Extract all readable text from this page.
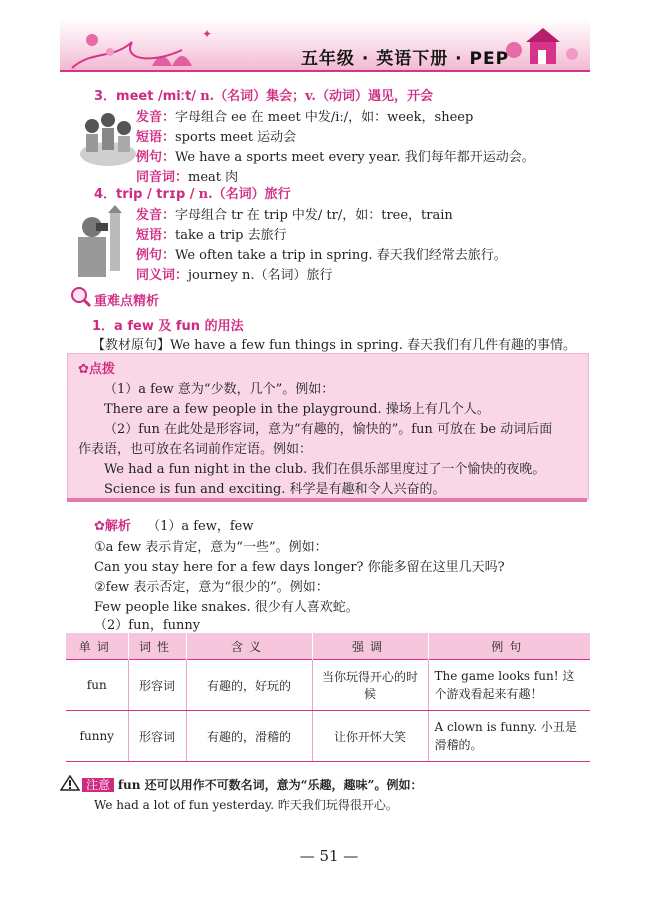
✦
五年级 · 英语下册 · PEP
3．meet /miːt/ n.（名词）集会；v.（动词）遇见，开会
发音：字母组合 ee 在 meet 中发/iː/，如：week，sheep
短语：sports meet 运动会
例句：We have a sports meet every year. 我们每年都开运动会。
同音词：meat 肉
4．trip / trɪp / n.（名词）旅行
发音：字母组合 tr 在 trip 中发/ tr/，如：tree，train
短语：take a trip 去旅行
例句：We often take a trip in spring. 春天我们经常去旅行。
同义词：journey n.（名词）旅行
重难点精析
1．a few 及 fun 的用法
【教材原句】We have a few fun things in spring. 春天我们有几件有趣的事情。
✿点拨
（1）a few 意为“少数，几个”。例如：
There are a few people in the playground. 操场上有几个人。
（2）fun 在此处是形容词，意为“有趣的，愉快的”。fun 可放在 be 动词后面
作表语，也可放在名词前作定语。例如：
We had a fun night in the club. 我们在俱乐部里度过了一个愉快的夜晚。
Science is fun and exciting. 科学是有趣和令人兴奋的。
✿解析 （1）a few，few
①a few 表示肯定，意为“一些”。例如：
Can you stay here for a few days longer? 你能多留在这里几天吗?
②few 表示否定，意为“很少的”。例如：
Few people like snakes. 很少有人喜欢蛇。
（2）fun，funny
单词	词性	含义	强调	例句
fun	形容词	有趣的，好玩的	当你玩得开心的时候	The game looks fun! 这个游戏看起来有趣！
funny	形容词	有趣的，滑稽的	让你开怀大笑	A clown is funny. 小丑是滑稽的。
注意 fun 还可以用作不可数名词，意为“乐趣，趣味”。例如：
We had a lot of fun yesterday. 昨天我们玩得很开心。
— 51 —
